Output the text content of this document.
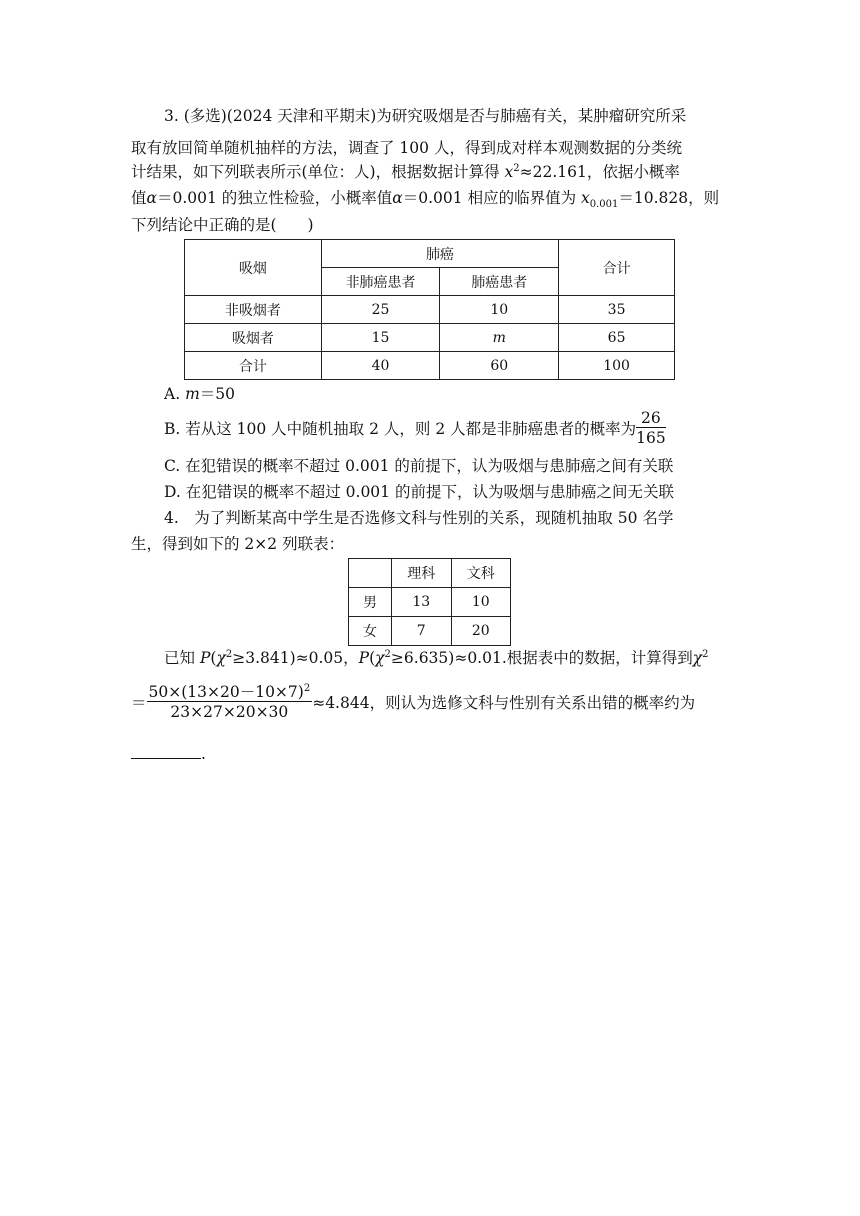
3. (多选)(2024 天津和平期末)为研究吸烟是否与肺癌有关，某肿瘤研究所采
取有放回简单随机抽样的方法，调查了 100 人，得到成对样本观测数据的分类统
计结果，如下列联表所示(单位：人)，根据数据计算得 $x^2\approx 22.161$，依据小概率
值α＝0.001 的独立性检验，小概率值α＝0.001 相应的临界值为 $x_{0.001}=10.828$，则
下列结论中正确的是(　　)
吸烟	肺癌		合计
	非肺癌患者	肺癌患者	
非吸烟者	25	10	35
吸烟者	15	m	65
合计	40	60	100
A. m＝50
B. 若从这 100 人中随机抽取 2 人，则 2 人都是非肺癌患者的概率为 $\frac{26}{165}$
C. 在犯错误的概率不超过 0.001 的前提下，认为吸烟与患肺癌之间有关联
D. 在犯错误的概率不超过 0.001 的前提下，认为吸烟与患肺癌之间无关联
4.　为了判断某高中学生是否选修文科与性别的关系，现随机抽取 50 名学
生，得到如下的 2×2 列联表：
	理科	文科
男	13	10
女	7	20
已知 $P(\chi^2\ge 3.841)\approx 0.05$，$P(\chi^2\ge 6.635)\approx 0.01$.根据表中的数据，计算得到$\chi^2$
＝ $\frac{50\times(13\times 20-10\times 7)^2}{23\times 27\times 20\times 30} \approx 4.844$，则认为选修文科与性别有关系出错的概率约为
.
